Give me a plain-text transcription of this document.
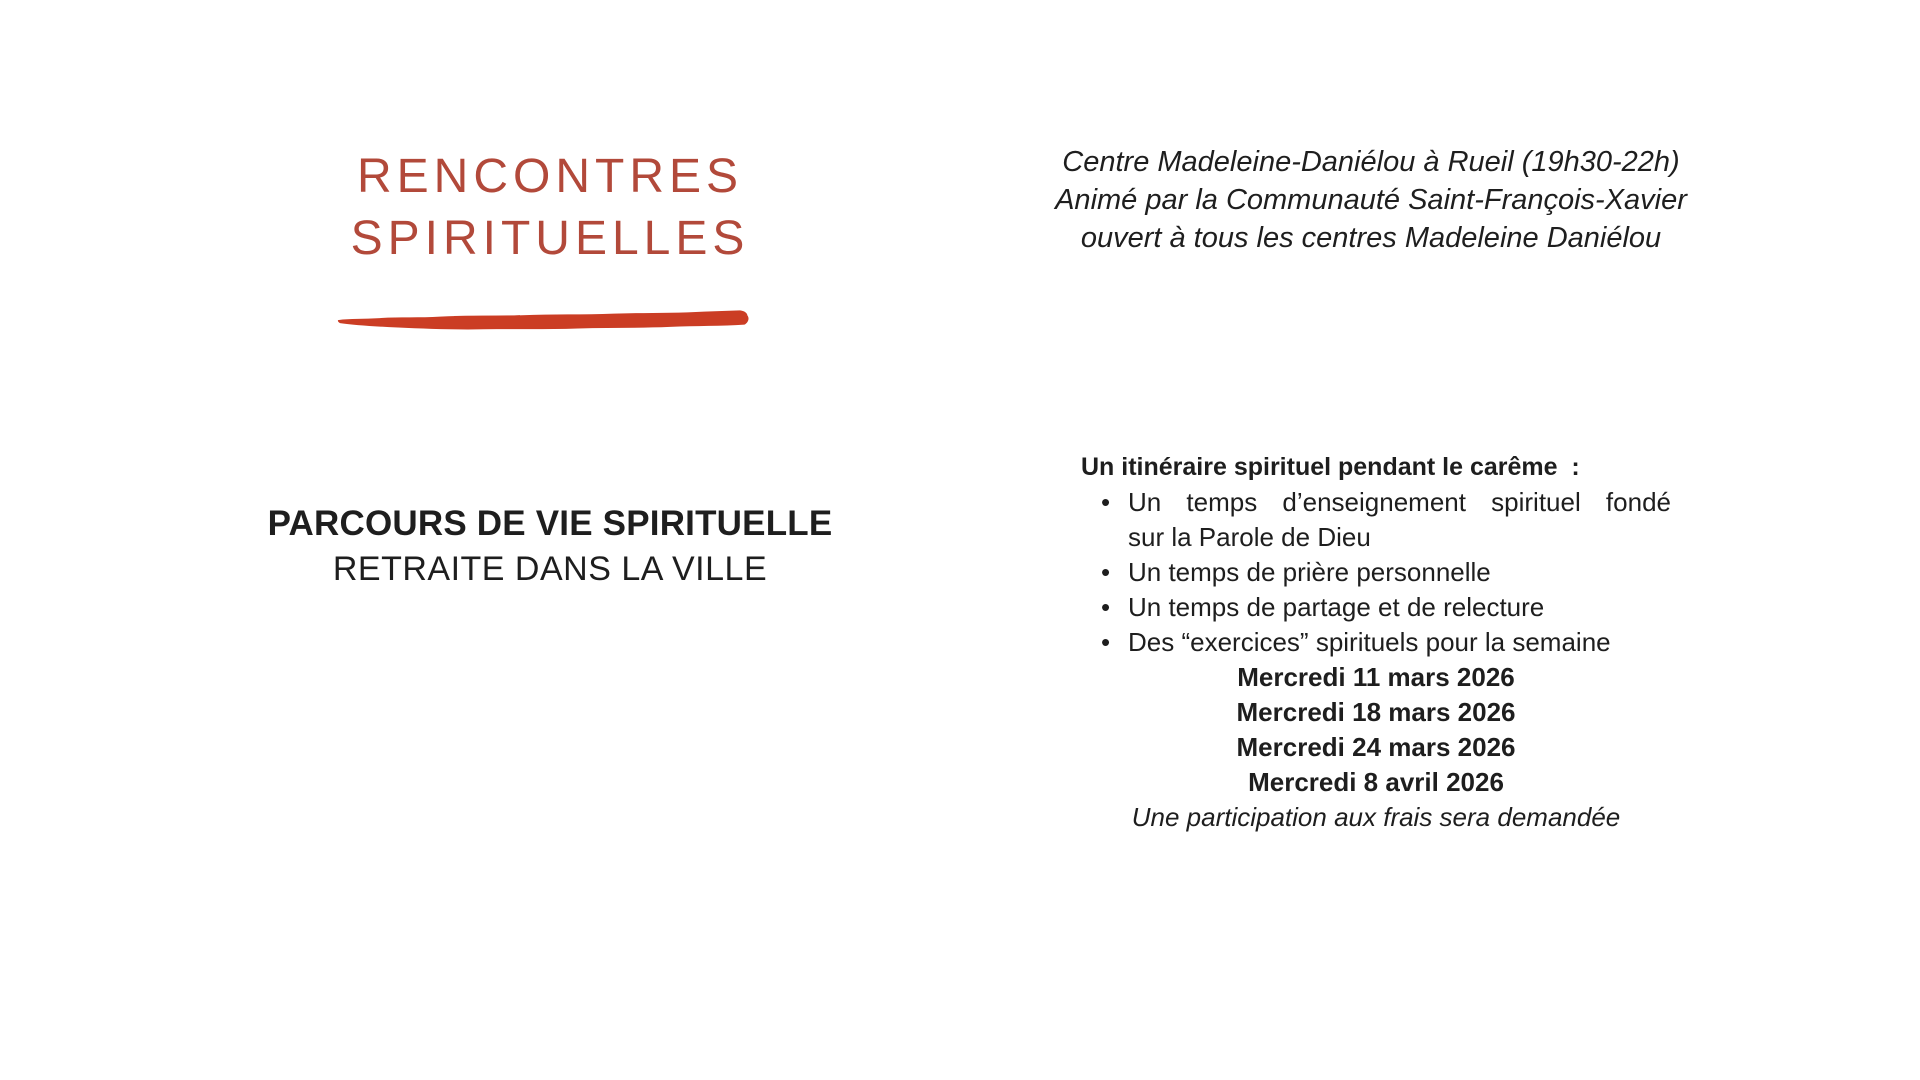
RENCONTRES
SPIRITUELLES
Centre Madeleine-Daniélou à Rueil (19h30-22h)
Animé par la Communauté Saint-François-Xavier
ouvert à tous les centres Madeleine Daniélou
PARCOURS DE VIE SPIRITUELLE
RETRAITE DANS LA VILLE
Un itinéraire spirituel pendant le carême  :
• Un temps d’enseignement spirituel fondé
sur la Parole de Dieu
• Un temps de prière personnelle
• Un temps de partage et de relecture
• Des “exercices” spirituels pour la semaine
Mercredi 11 mars 2026
Mercredi 18 mars 2026
Mercredi 24 mars 2026
Mercredi 8 avril 2026
Une participation aux frais sera demandée
